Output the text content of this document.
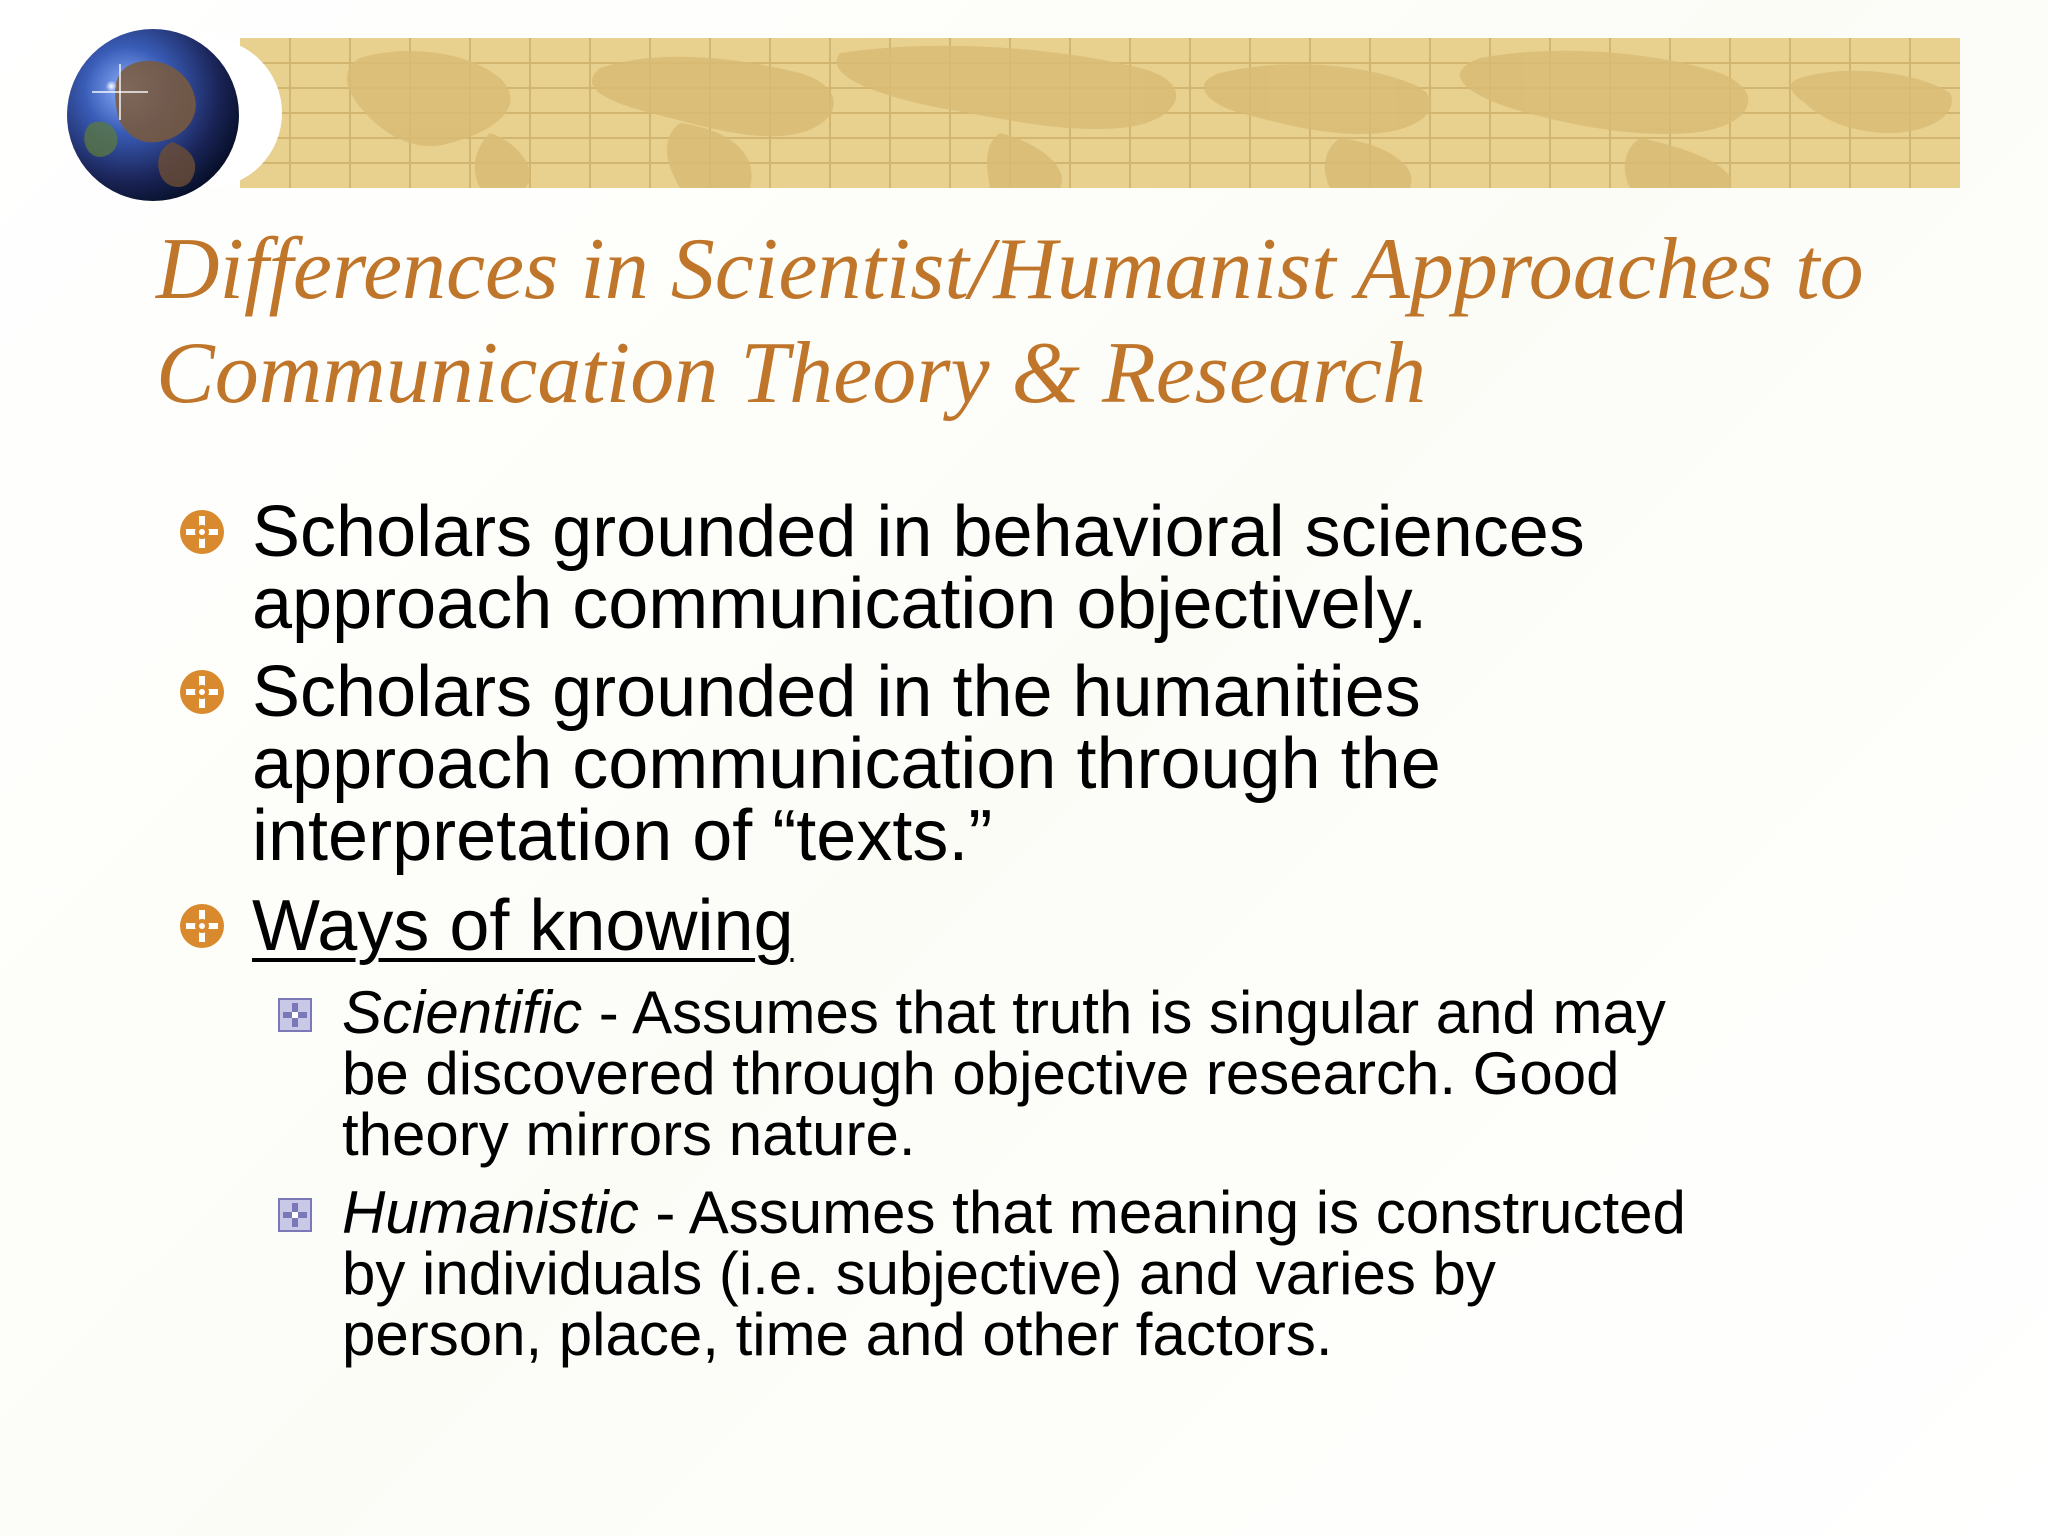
Differences in Scientist/Humanist Approaches to
Communication Theory & Research
Scholars grounded in behavioral sciences
approach communication objectively.
Scholars grounded in the humanities
approach communication through the
interpretation of “texts.”
Ways of knowing
Scientific - Assumes that truth is singular and may
be discovered through objective research. Good
theory mirrors nature.
Humanistic - Assumes that meaning is constructed
by individuals (i.e. subjective) and varies by
person, place, time and other factors.
